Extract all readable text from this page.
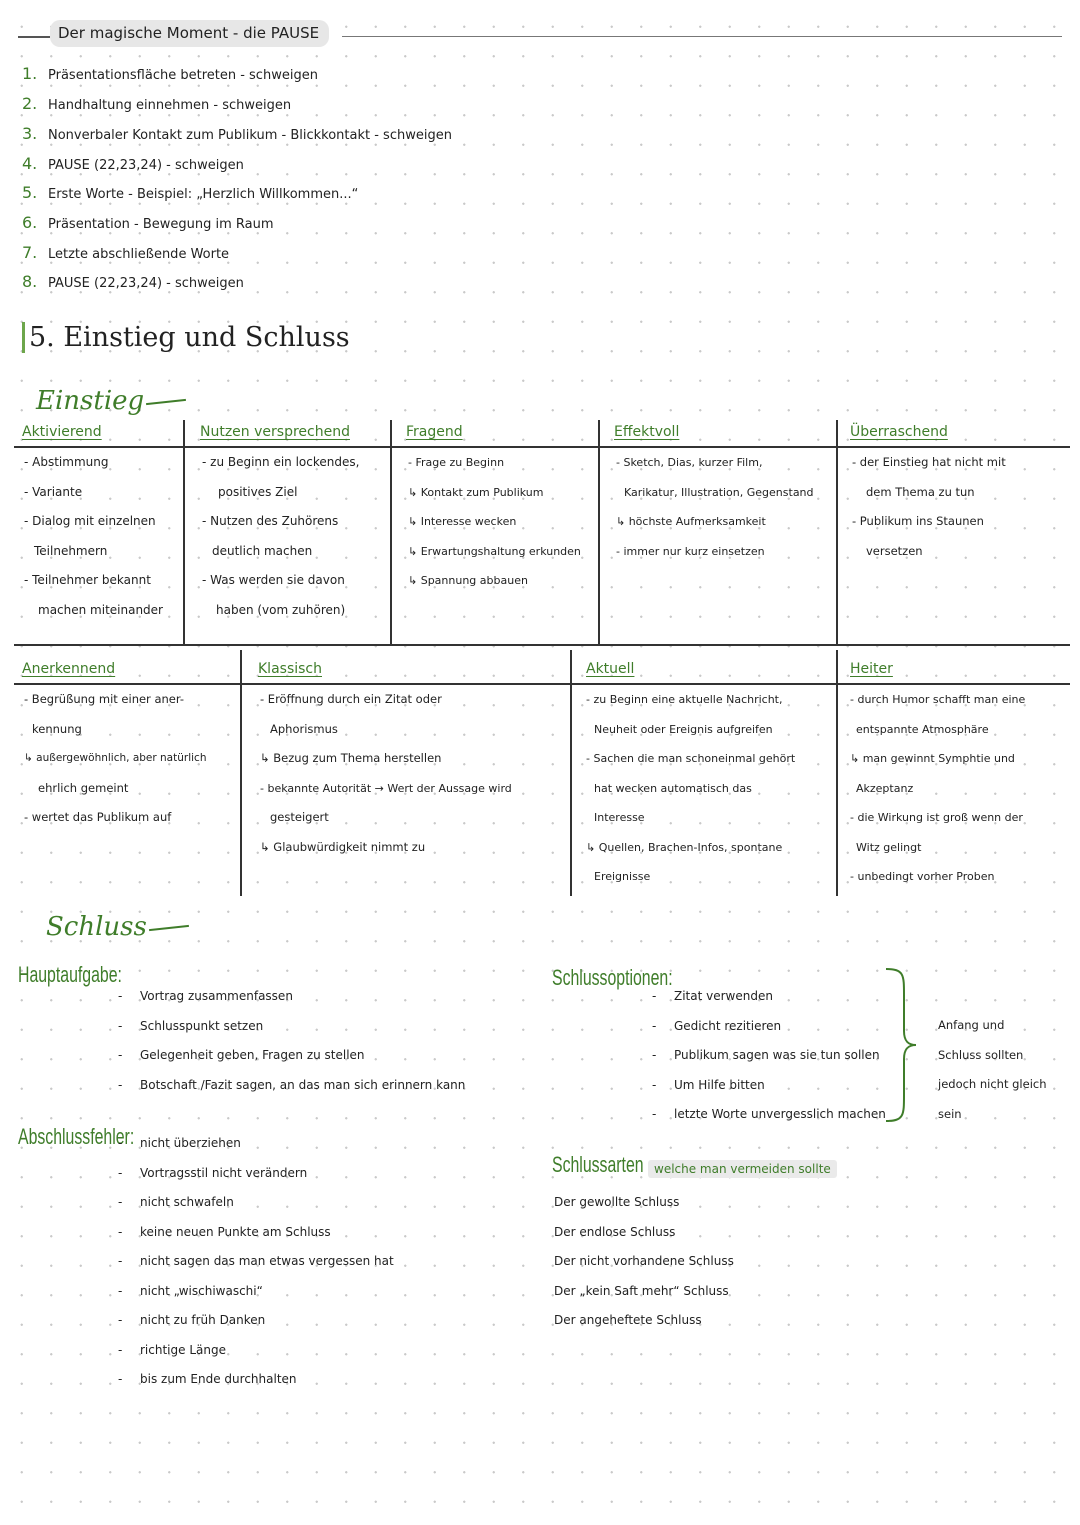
Der magische Moment - die PAUSE
1. Präsentationsfläche betreten - schweigen
2. Handhaltung einnehmen - schweigen
3. Nonverbaler Kontakt zum Publikum - Blickkontakt - schweigen
4. PAUSE (22,23,24) - schweigen
5. Erste Worte - Beispiel: „Herzlich Willkommen...“
6. Präsentation - Bewegung im Raum
7. Letzte abschließende Worte
8. PAUSE (22,23,24) - schweigen
5. Einstieg und Schluss
Einstieg
Aktivierend
- Abstimmung
- Variante
- Dialog mit einzelnen
Teilnehmern
- Teilnehmer bekannt
machen miteinander
Nutzen versprechend
- zu Beginn ein lockendes,
positives Ziel
- Nutzen des Zuhörens
deutlich machen
- Was werden sie davon
haben (vom zuhören)
Fragend
- Frage zu Beginn
↳ Kontakt zum Publikum
↳ Interesse wecken
↳ Erwartungshaltung erkunden
↳ Spannung abbauen
Effektvoll
- Sketch, Dias, kurzer Film,
Karikatur, Illustration, Gegenstand
↳ höchste Aufmerksamkeit
- immer nur kurz einsetzen
Überraschend
- der Einstieg hat nicht mit
dem Thema zu tun
- Publikum ins Staunen
versetzen
Anerkennend
- Begrüßung mit einer aner-
kennung
↳ außergewöhnlich, aber natürlich
ehrlich gemeint
- wertet das Publikum auf
Klassisch
- Eröffnung durch ein Zitat oder
Aphorismus
↳ Bezug zum Thema herstellen
- bekannte Autorität → Wert der Aussage wird
gesteigert
↳ Glaubwürdigkeit nimmt zu
Aktuell
- zu Beginn eine aktuelle Nachricht,
Neuheit oder Ereignis aufgreifen
- Sachen die man schoneinmal gehört
hat wecken automatisch das
Interesse
↳ Quellen, Brachen-Infos, spontane
Ereignisse
Heiter
- durch Humor schafft man eine
entspannte Atmosphäre
↳ man gewinnt Symphtie und
Akzeptanz
- die Wirkung ist groß wenn der
Witz gelingt
- unbedingt vorher Proben
Schluss
Hauptaufgabe:
- Vortrag zusammenfassen
- Schlusspunkt setzen
- Gelegenheit geben, Fragen zu stellen
- Botschaft /Fazit sagen, an das man sich erinnern kann
Abschlussfehler:
- nicht überziehen
- Vortragsstil nicht verändern
- nicht schwafeln
- keine neuen Punkte am Schluss
- nicht sagen das man etwas vergessen hat
- nicht „wischiwaschi“
- nicht zu früh Danken
- richtige Länge
- bis zum Ende durchhalten
Schlussoptionen:
- Zitat verwenden
- Gedicht rezitieren
- Publikum sagen was sie tun sollen
- Um Hilfe bitten
- letzte Worte unvergesslich machen
Anfang und
Schluss sollten
jedoch nicht gleich
sein
Schlussarten welche man vermeiden sollte
Der gewollte Schluss
Der endlose Schluss
Der nicht vorhandene Schluss
Der „kein Saft mehr“ Schluss
Der angeheftete Schluss
